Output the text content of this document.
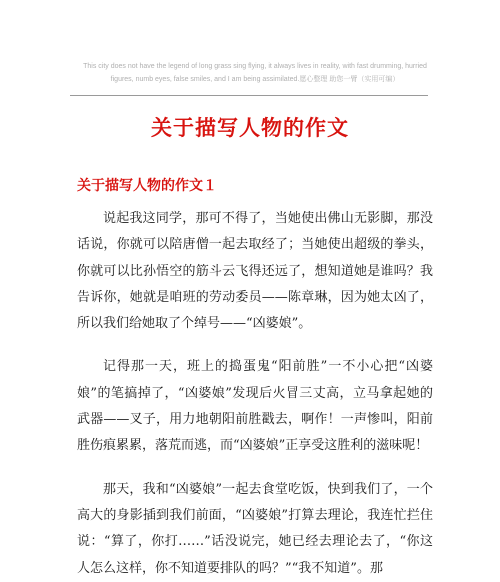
This city does not have the legend of long grass sing flying, it always lives in reality, with fast drumming, hurried
figures, numb eyes, false smiles, and I am being assimilated.愿心整理 助您一臂（实用可编）
关于描写人物的作文
关于描写人物的作文１

说起我这同学，那可不得了，当她使出佛山无影脚，那没话说，你就可以陪唐僧一起去取经了；当她使出超级的拳头，你就可以比孙悟空的筋斗云飞得还远了，想知道她是谁吗？我告诉你，她就是咱班的劳动委员——陈章琳，因为她太凶了，所以我们给她取了个绰号——“凶婆娘”。

记得那一天，班上的捣蛋鬼“阳前胜”一不小心把“凶婆娘”的笔搞掉了，“凶婆娘”发现后火冒三丈高，立马拿起她的武器——叉子，用力地朝阳前胜戳去，啊作！一声惨叫，阳前胜伤痕累累，落荒而逃，而“凶婆娘”正享受这胜利的滋味呢！

那天，我和“凶婆娘”一起去食堂吃饭，快到我们了，一个高大的身影插到我们前面，“凶婆娘”打算去理论，我连忙拦住说：“算了，你打……”话没说完，她已经去理论去了，“你这人怎么这样，你不知道要排队的吗？”“我不知道”。那
